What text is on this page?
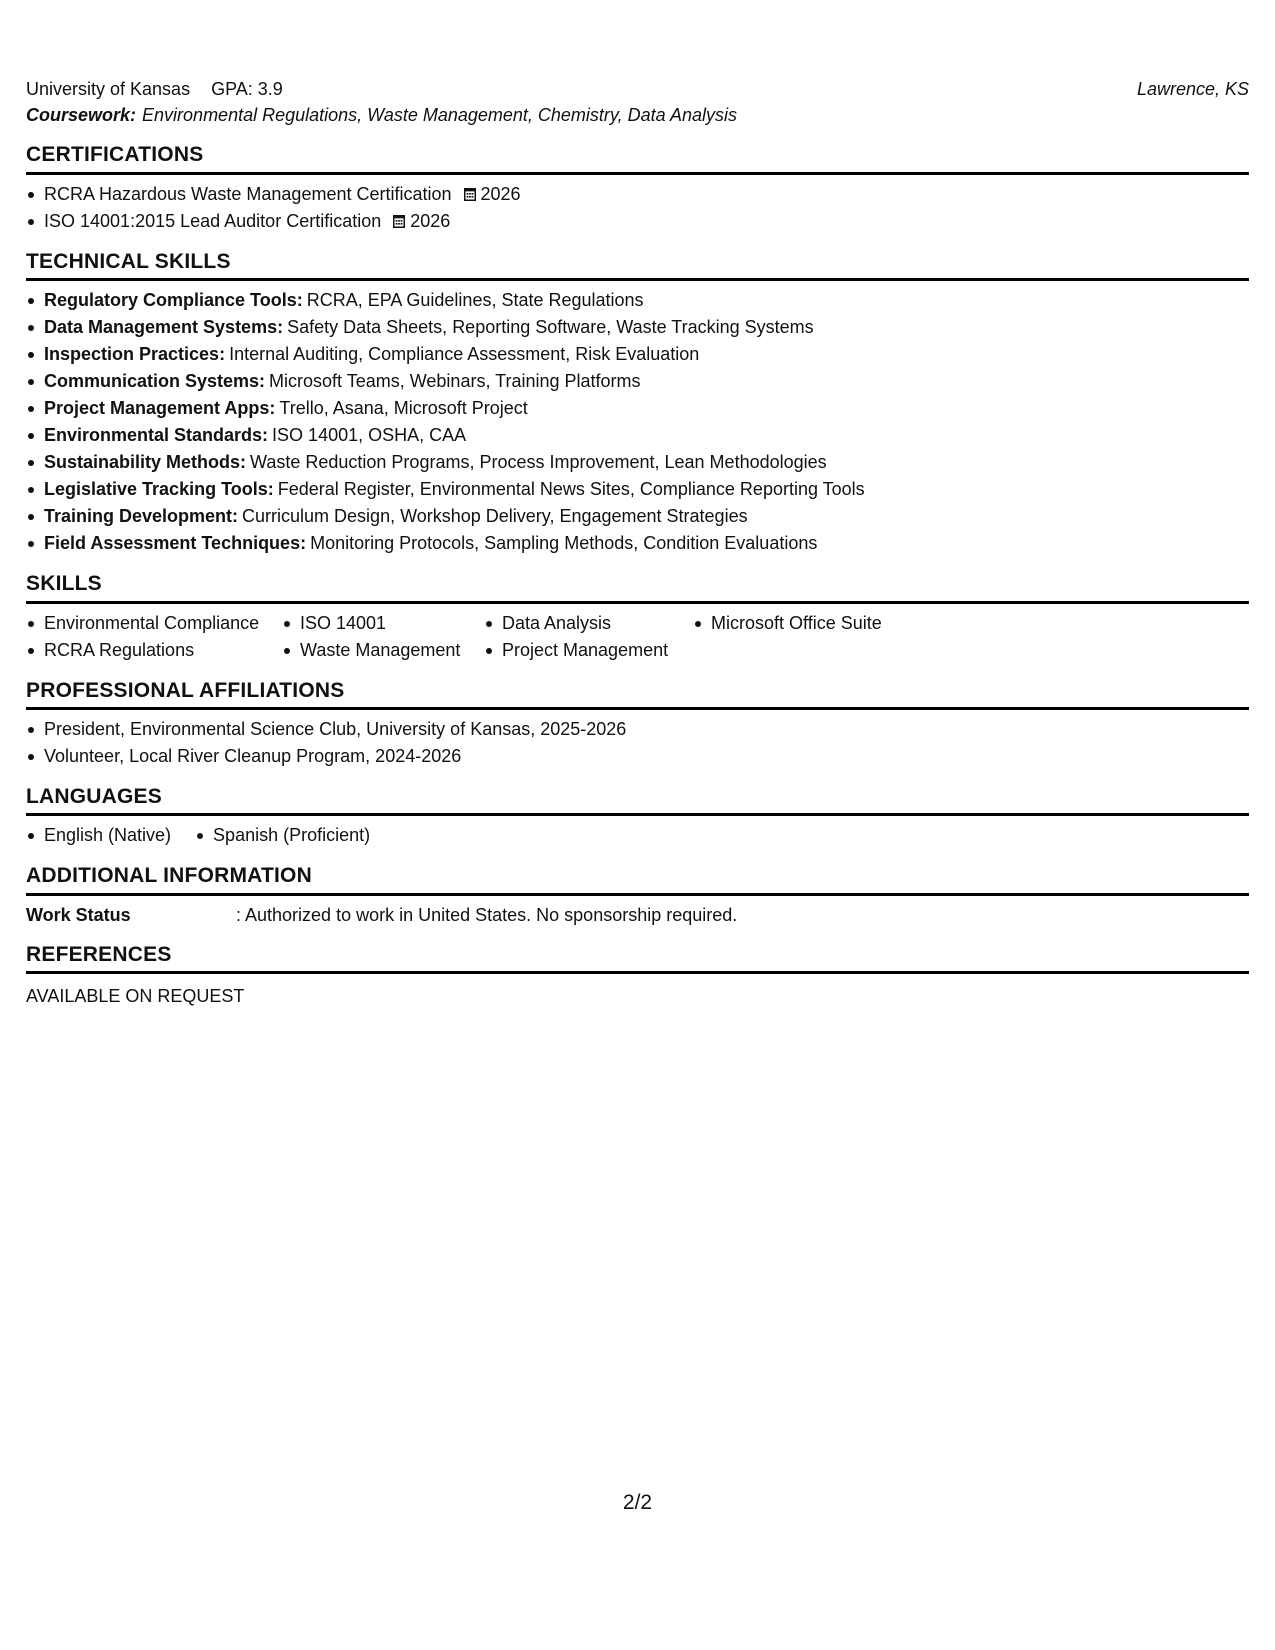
University of Kansas GPA: 3.9	Lawrence, KS
Coursework: Environmental Regulations, Waste Management, Chemistry, Data Analysis
CERTIFICATIONS
RCRA Hazardous Waste Management Certification 2026
ISO 14001:2015 Lead Auditor Certification 2026
TECHNICAL SKILLS
Regulatory Compliance Tools: RCRA, EPA Guidelines, State Regulations
Data Management Systems: Safety Data Sheets, Reporting Software, Waste Tracking Systems
Inspection Practices: Internal Auditing, Compliance Assessment, Risk Evaluation
Communication Systems: Microsoft Teams, Webinars, Training Platforms
Project Management Apps: Trello, Asana, Microsoft Project
Environmental Standards: ISO 14001, OSHA, CAA
Sustainability Methods: Waste Reduction Programs, Process Improvement, Lean Methodologies
Legislative Tracking Tools: Federal Register, Environmental News Sites, Compliance Reporting Tools
Training Development: Curriculum Design, Workshop Delivery, Engagement Strategies
Field Assessment Techniques: Monitoring Protocols, Sampling Methods, Condition Evaluations
SKILLS
Environmental Compliance
RCRA Regulations
ISO 14001
Waste Management
Data Analysis
Project Management
Microsoft Office Suite
PROFESSIONAL AFFILIATIONS
President, Environmental Science Club, University of Kansas, 2025-2026
Volunteer, Local River Cleanup Program, 2024-2026
LANGUAGES
English (Native) Spanish (Proficient)
ADDITIONAL INFORMATION
Work Status	: Authorized to work in United States. No sponsorship required.
REFERENCES
AVAILABLE ON REQUEST
2/2
